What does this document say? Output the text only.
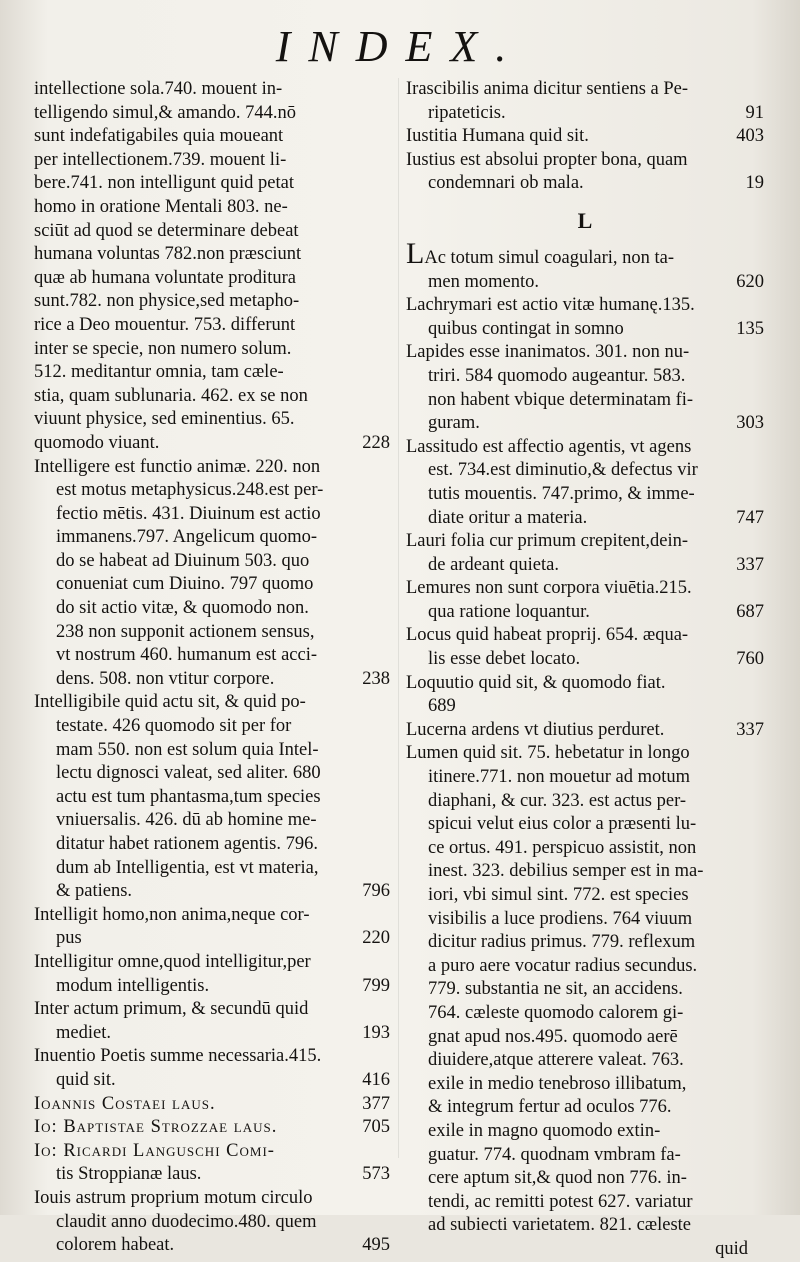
INDEX.
intellectione sola.740. mouent in-
telligendo simul,& amando. 744.nō
sunt indefatigabiles quia moueant
per intellectionem.739. mouent li-
bere.741. non intelligunt quid petat
homo in oratione Mentali 803. ne-
sciūt ad quod se determinare debeat
humana voluntas 782.non præsciunt
quæ ab humana voluntate proditura
sunt.782. non physice,sed metapho-
rice a Deo mouentur. 753. differunt
inter se specie, non numero solum.
512. meditantur omnia, tam cæle-
stia, quam sublunaria. 462. ex se non
viuunt physice, sed eminentius. 65.
quomodo viuant.	228
Intelligere est functio animæ. 220. non
est motus metaphysicus.248.est per-
fectio mētis. 431. Diuinum est actio
immanens.797. Angelicum quomo-
do se habeat ad Diuinum 503. quo
conueniat cum Diuino. 797 quomo
do sit actio vitæ, & quomodo non.
238 non supponit actionem sensus,
vt nostrum 460. humanum est acci-
dens. 508. non vtitur corpore.	238
Intelligibile quid actu sit, & quid po-
testate. 426 quomodo sit per for
mam 550. non est solum quia Intel-
lectu dignosci valeat, sed aliter. 680
actu est tum phantasma,tum species
vniuersalis. 426. dū ab homine me-
ditatur habet rationem agentis. 796.
dum ab Intelligentia, est vt materia,
& patiens.	796
Intelligit homo,non anima,neque cor-
pus	220
Intelligitur omne,quod intelligitur,per
modum intelligentis.	799
Inter actum primum, & secundū quid
mediet.	193
Inuentio Poetis summe necessaria.415.
quid sit.	416
Ioannis Costaei laus.	377
Io: Baptistae Strozzae laus.	705
Io: Ricardi Languschi Comi-
tis Stroppianæ laus.	573
Iouis astrum proprium motum circulo
claudit anno duodecimo.480. quem
colorem habeat.	495
Irascibilis anima dicitur sentiens a Pe-
ripateticis.	91
Iustitia Humana quid sit.	403
Iustius est absolui propter bona, quam
condemnari ob mala.	19
L
LAc totum simul coagulari, non ta-
men momento.	620
Lachrymari est actio vitæ humanę.135.
quibus contingat in somno	135
Lapides esse inanimatos. 301. non nu-
triri. 584 quomodo augeantur. 583.
non habent vbique determinatam fi-
guram.	303
Lassitudo est affectio agentis, vt agens
est. 734.est diminutio,& defectus vir
tutis mouentis. 747.primo, & imme-
diate oritur a materia.	747
Lauri folia cur primum crepitent,dein-
de ardeant quieta.	337
Lemures non sunt corpora viuētia.215.
qua ratione loquantur.	687
Locus quid habeat proprij. 654. æqua-
lis esse debet locato.	760
Loquutio quid sit, & quomodo fiat.
689
Lucerna ardens vt diutius perduret.	337
Lumen quid sit. 75. hebetatur in longo
itinere.771. non mouetur ad motum
diaphani, & cur. 323. est actus per-
spicui velut eius color a præsenti lu-
ce ortus. 491. perspicuo assistit, non
inest. 323. debilius semper est in ma-
iori, vbi simul sint. 772. est species
visibilis a luce prodiens. 764 viuum
dicitur radius primus. 779. reflexum
a puro aere vocatur radius secundus.
779. substantia ne sit, an accidens.
764. cæleste quomodo calorem gi-
gnat apud nos.495. quomodo aerē
diuidere,atque atterere valeat. 763.
exile in medio tenebroso illibatum,
& integrum fertur ad oculos 776.
exile in magno quomodo extin-
guatur. 774. quodnam vmbram fa-
cere aptum sit,& quod non 776. in-
tendi, ac remitti potest 627. variatur
ad subiecti varietatem. 821. cæleste
quid
